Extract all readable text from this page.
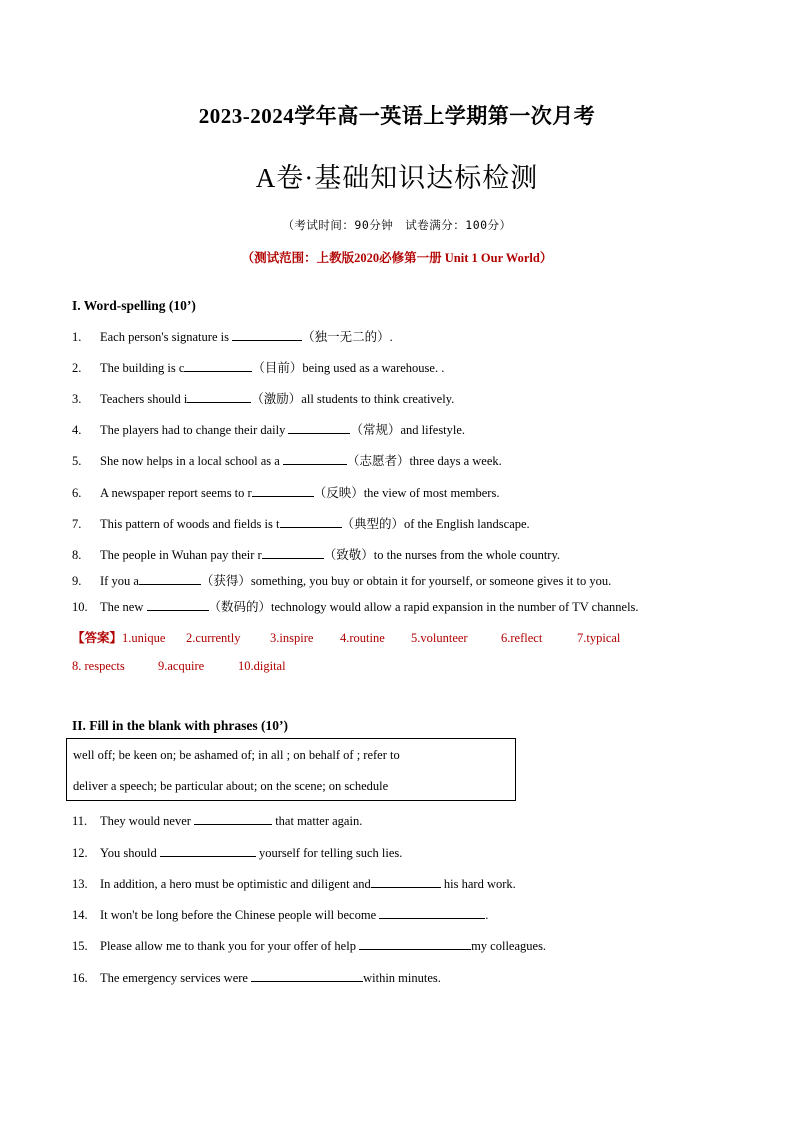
2023-2024学年高一英语上学期第一次月考
A卷·基础知识达标检测
（考试时间：90分钟　试卷满分：100分）
（测试范围：上教版2020必修第一册 Unit 1 Our World）
I. Word-spelling (10’)
1. Each person's signature is	（独一无二的）.
2. The building is c	（目前）being used as a warehouse. .
3. Teachers should i	（激励）all students to think creatively.
4. The players had to change their daily	（常规）and lifestyle.
5. She now helps in a local school as a	（志愿者）three days a week.
6. A newspaper report seems to r	（反映）the view of most members.
7. This pattern of woods and fields is t	（典型的）of the English landscape.
8. The people in Wuhan pay their r	（致敬）to the nurses from the whole country.
9. If you a	（获得）something, you buy or obtain it for yourself, or someone gives it to you.
10. The new	（数码的）technology would allow a rapid expansion in the number of TV channels.
【答案】1.unique 2.currently 3.inspire 4.routine 5.volunteer	6.reflect	7.typical
8. respects	9.acquire	10.digital
II. Fill in the blank with phrases (10’)
well off; be keen on; be ashamed of; in all ; on behalf of ; refer to
deliver a speech; be particular about; on the scene; on schedule
11. They would never	that matter again.
12. You should	yourself for telling such lies.
13. In addition, a hero must be optimistic and diligent and	his hard work.
14. It won't be long before the Chinese people will become	.
15. Please allow me to thank you for your offer of help	my colleagues.
16. The emergency services were	within minutes.
